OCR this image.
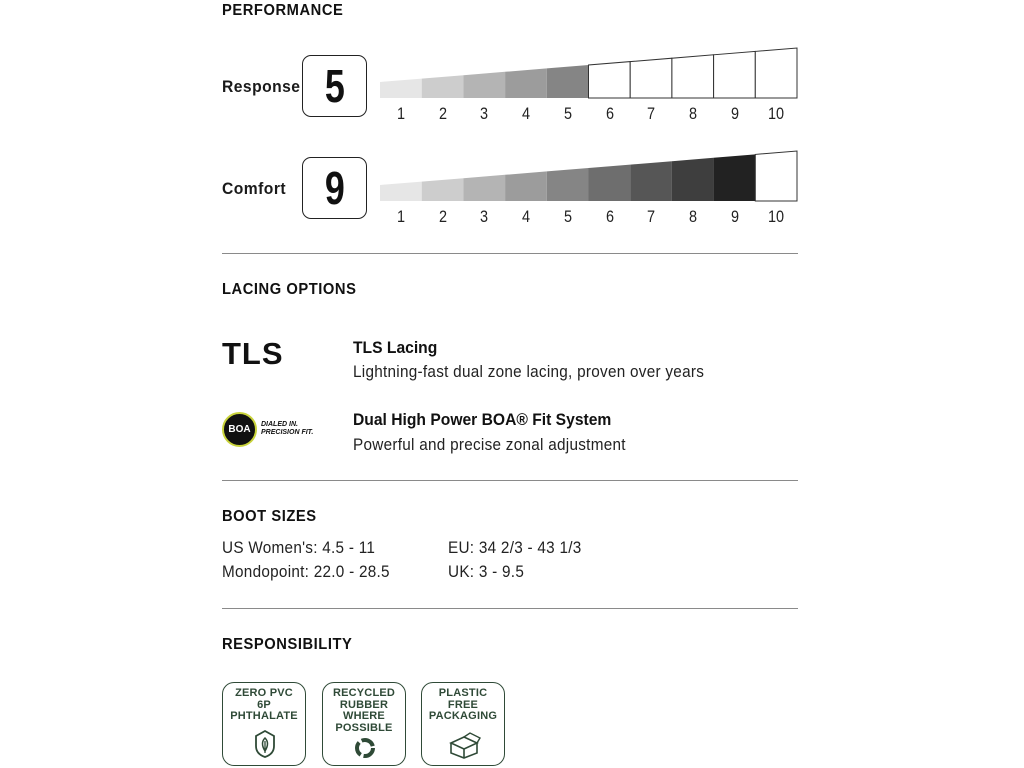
PERFORMANCE
Response 5
1	2	3	4	5	6	7	8	9	10
Comfort 9
1	2	3	4	5	6	7	8	9	10
LACING OPTIONS
TLS	TLS Lacing
Lightning-fast dual zone lacing, proven over years
BOA	DIALED IN.
PRECISION FIT.
Dual High Power BOA® Fit System
Powerful and precise zonal adjustment
BOOT SIZES
US Women's: 4.5 - 11
Mondopoint: 22.0 - 28.5
EU: 34 2/3 - 43 1/3
UK: 3 - 9.5
RESPONSIBILITY
ZERO PVC
6P
PHTHALATE
RECYCLED
RUBBER
WHERE
POSSIBLE
PLASTIC
FREE
PACKAGING
